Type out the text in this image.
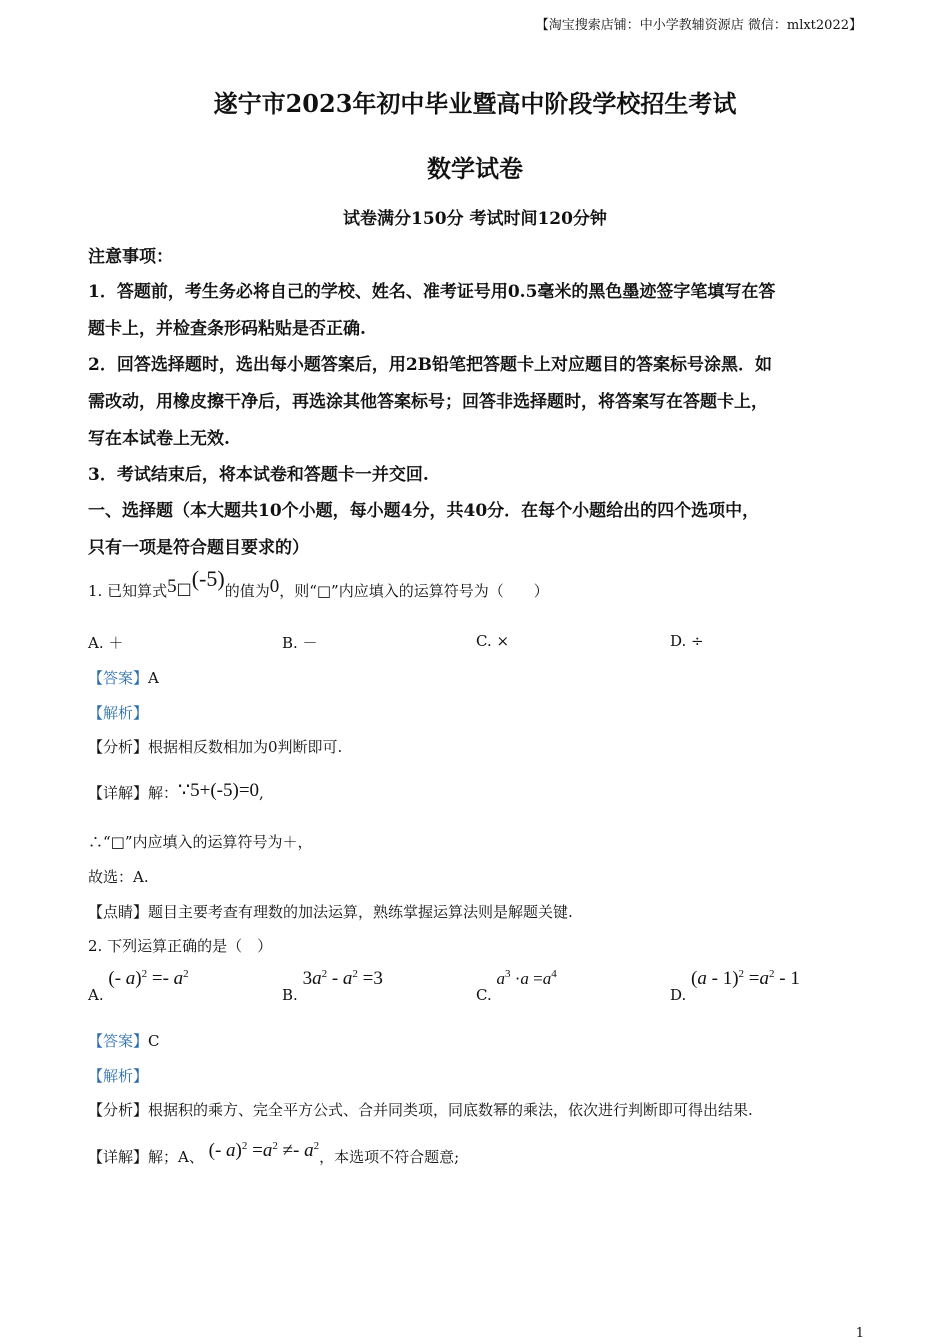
【淘宝搜索店铺：中小学教辅资源店 微信：mlxt2022】
遂宁市2023年初中毕业暨高中阶段学校招生考试
数学试卷
试卷满分150分 考试时间120分钟
注意事项：
1．答题前，考生务必将自己的学校、姓名、准考证号用0.5毫米的黑色墨迹签字笔填写在答
题卡上，并检查条形码粘贴是否正确.
2．回答选择题时，选出每小题答案后，用2B铅笔把答题卡上对应题目的答案标号涂黑．如
需改动，用橡皮擦干净后，再选涂其他答案标号；回答非选择题时，将答案写在答题卡上，
写在本试卷上无效.
3．考试结束后，将本试卷和答题卡一并交回.
一、选择题（本大题共10个小题，每小题4分，共40分．在每个小题给出的四个选项中，
只有一项是符合题目要求的）
1. 已知算式5□(-5)的值为0，则“□”内应填入的运算符号为（　　）
A. ＋	B. －	C. ×	D. ÷
【答案】A
【解析】
【分析】根据相反数相加为0判断即可.
【详解】解：∵5+(-5)=0,
∴“□”内应填入的运算符号为＋，
故选：A.
【点睛】题目主要考查有理数的加法运算，熟练掌握运算法则是解题关键.
2. 下列运算正确的是（　）
A. (- $a)^2 =- a^2$
B. $3a^2 - a^2 =3$
C. $a^3 \cdot a =a^4$
D. $(a - 1)^2 =a^2 - 1$
【答案】C
【解析】
【分析】根据积的乘方、完全平方公式、合并同类项，同底数幂的乘法，依次进行判断即可得出结果.
【详解】解；A、 (- $a)^2 =a^2 \ne- a^2$，本选项不符合题意;
1
